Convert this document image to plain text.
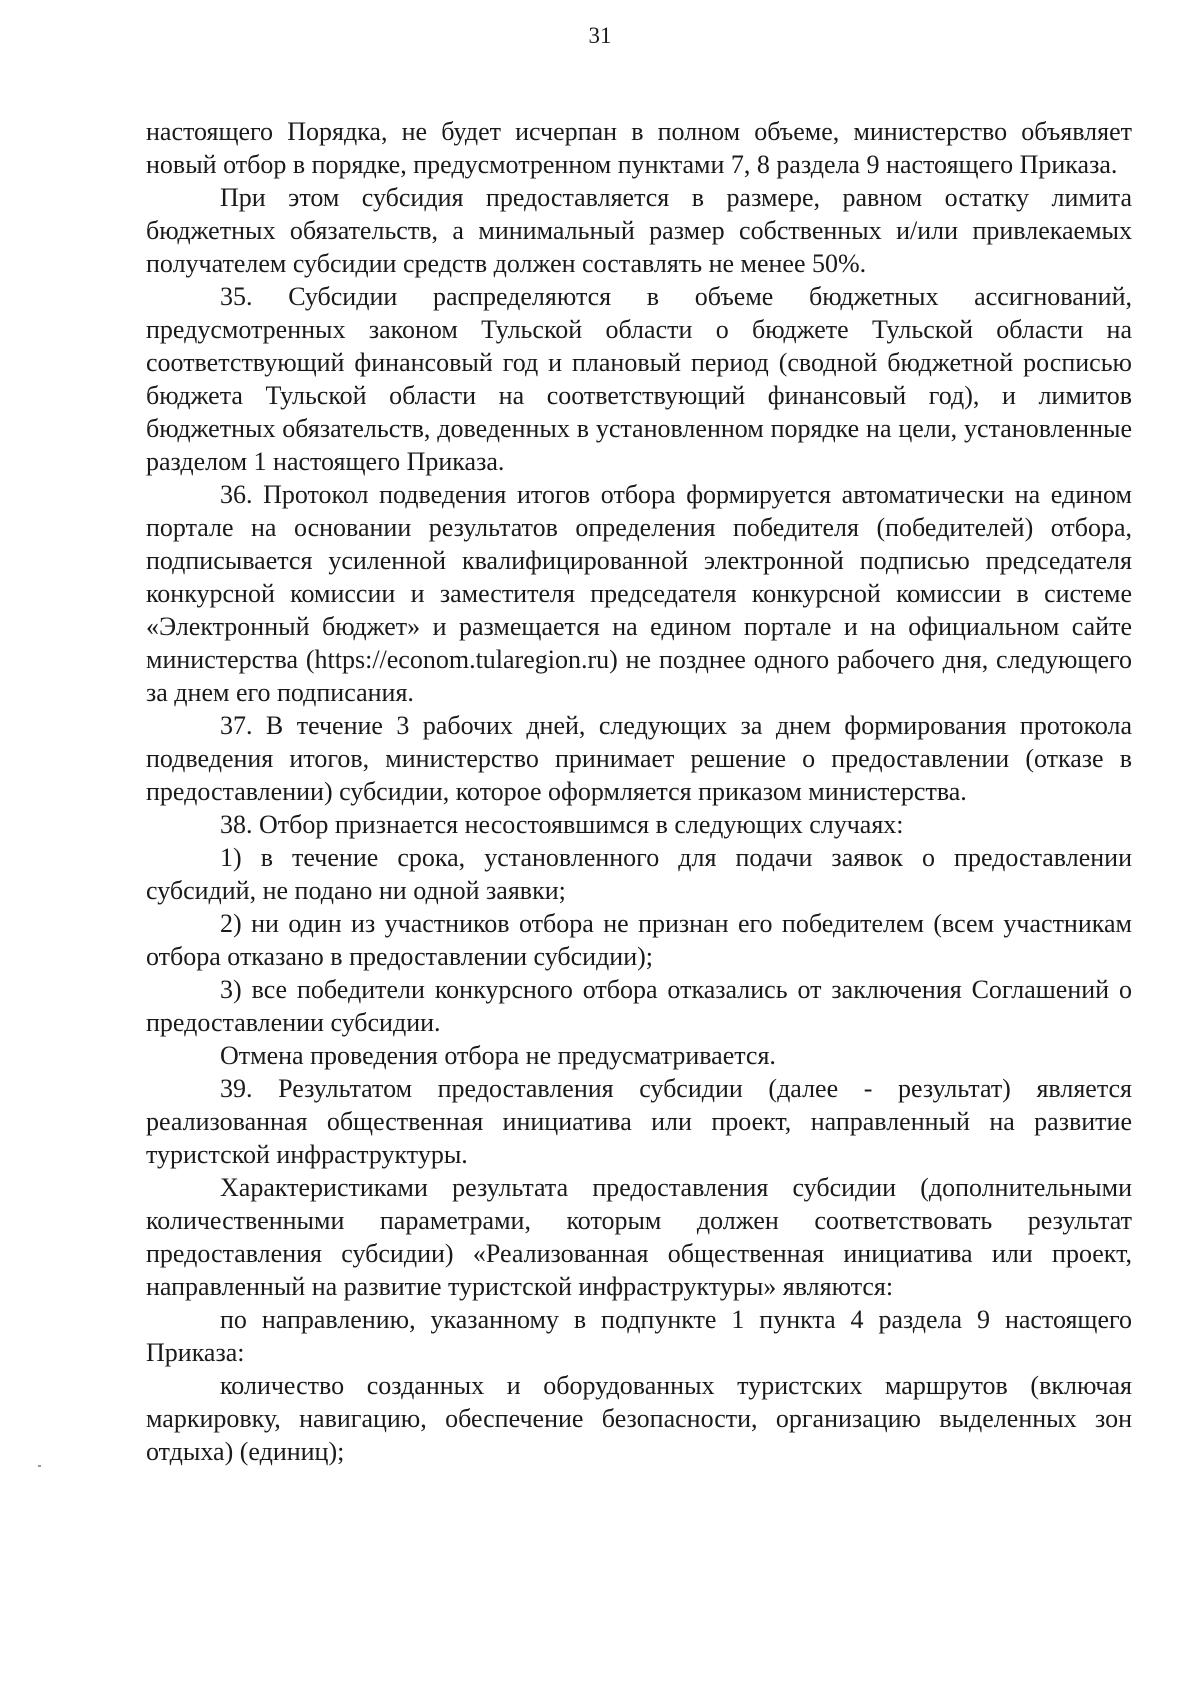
31

настоящего Порядка, не будет исчерпан в полном объеме, министерство объявляет новый отбор в порядке, предусмотренном пунктами 7, 8 раздела 9 настоящего Приказа.

При этом субсидия предоставляется в размере, равном остатку лимита бюджетных обязательств, а минимальный размер собственных и/или привлекаемых получателем субсидии средств должен составлять не менее 50%.

35. Субсидии распределяются в объеме бюджетных ассигнований, предусмотренных законом Тульской области о бюджете Тульской области на соответствующий финансовый год и плановый период (сводной бюджетной росписью бюджета Тульской области на соответствующий финансовый год), и лимитов бюджетных обязательств, доведенных в установленном порядке на цели, установленные разделом 1 настоящего Приказа.

36. Протокол подведения итогов отбора формируется автоматически на едином портале на основании результатов определения победителя (победителей) отбора, подписывается усиленной квалифицированной электронной подписью председателя конкурсной комиссии и заместителя председателя конкурсной комиссии в системе «Электронный бюджет» и размещается на едином портале и на официальном сайте министерства (https://econom.tularegion.ru) не позднее одного рабочего дня, следующего за днем его подписания.

37. В течение 3 рабочих дней, следующих за днем формирования протокола подведения итогов, министерство принимает решение о предоставлении (отказе в предоставлении) субсидии, которое оформляется приказом министерства.

38. Отбор признается несостоявшимся в следующих случаях:

1) в течение срока, установленного для подачи заявок о предоставлении субсидий, не подано ни одной заявки;

2) ни один из участников отбора не признан его победителем (всем участникам отбора отказано в предоставлении субсидии);

3) все победители конкурсного отбора отказались от заключения Соглашений о предоставлении субсидии.

Отмена проведения отбора не предусматривается.

39. Результатом предоставления субсидии (далее - результат) является реализованная общественная инициатива или проект, направленный на развитие туристской инфраструктуры.

Характеристиками результата предоставления субсидии (дополнительными количественными параметрами, которым должен соответствовать результат предоставления субсидии) «Реализованная общественная инициатива или проект, направленный на развитие туристской инфраструктуры» являются:

по направлению, указанному в подпункте 1 пункта 4 раздела 9 настоящего Приказа:

количество созданных и оборудованных туристских маршрутов (включая маркировку, навигацию, обеспечение безопасности, организацию выделенных зон отдыха) (единиц);
